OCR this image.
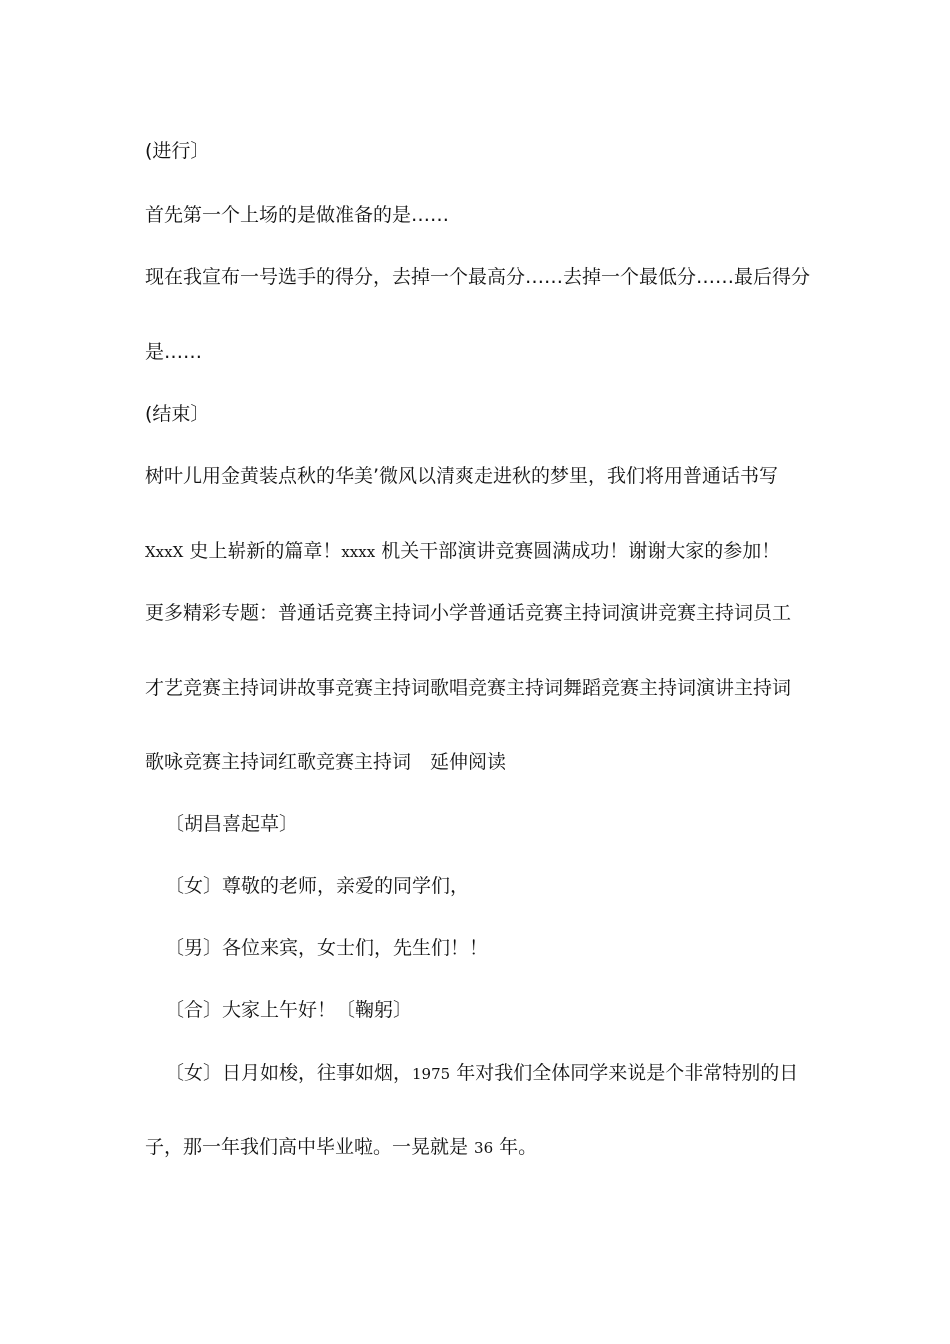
(进行〕
首先第一个上场的是做准备的是……
现在我宣布一号选手的得分，去掉一个最高分……去掉一个最低分……最后得分
是……
(结束〕
树叶儿用金黄装点秋的华美’微风以清爽走进秋的梦里，我们将用普通话书写
XxxX 史上崭新的篇章！xxxx 机关干部演讲竞赛圆满成功！谢谢大家的参加！
更多精彩专题：普通话竞赛主持词小学普通话竞赛主持词演讲竞赛主持词员工
才艺竞赛主持词讲故事竞赛主持词歌唱竞赛主持词舞蹈竞赛主持词演讲主持词
歌咏竞赛主持词红歌竞赛主持词　延伸阅读
〔胡昌喜起草〕
〔女〕尊敬的老师，亲爱的同学们，
〔男〕各位来宾，女士们，先生们！！
〔合〕大家上午好！〔鞠躬〕
〔女〕日月如梭，往事如烟，1975 年对我们全体同学来说是个非常特别的日
子，那一年我们高中毕业啦。一晃就是 36 年。
